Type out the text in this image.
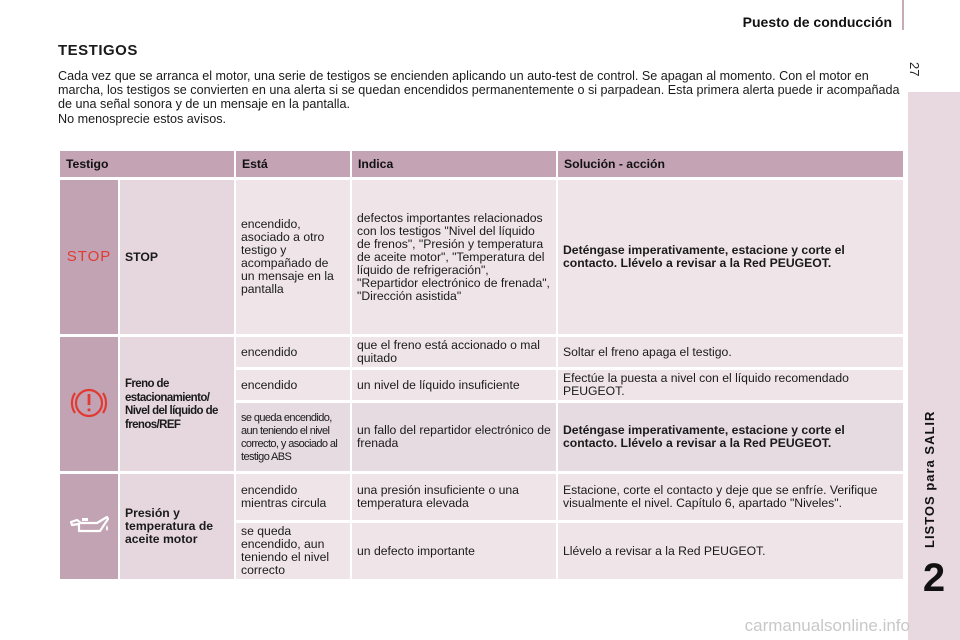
Puesto de conducción
27
LISTOS para SALIR
2
TESTIGOS

Cada vez que se arranca el motor, una serie de testigos se encienden aplicando un auto-test de control. Se apagan al momento. Con el motor en marcha, los testigos se convierten en una alerta si se quedan encendidos permanentemente o si parpadean. Esta primera alerta puede ir acompañada de una señal sonora y de un mensaje en la pantalla.

No menosprecie estos avisos.

Testigo		Está	Indica	Solución - acción
STOP	STOP	encendido, asociado a otro testigo y acompañado de un mensaje en la pantalla	defectos importantes relacionados con los testigos "Nivel del líquido de frenos", "Presión y temperatura de aceite motor", "Temperatura del líquido de refrigeración", "Repartidor electrónico de frenada", "Dirección asistida"	Deténgase imperativamente, estacione y corte el contacto. Llévelo a revisar a la Red PEUGEOT.
	Freno de estacionamiento/ Nivel del líquido de frenos/REF	encendido	que el freno está accionado o mal quitado	Soltar el freno apaga el testigo.
		encendido	un nivel de líquido insuficiente	Efectúe la puesta a nivel con el líquido recomendado PEUGEOT.
		se queda encendido, aun teniendo el nivel correcto, y asociado al testigo ABS	un fallo del repartidor electrónico de frenada	Deténgase imperativamente, estacione y corte el contacto. Llévelo a revisar a la Red PEUGEOT.
	Presión y temperatura de aceite motor	encendido mientras circula	una presión insuficiente o una temperatura elevada	Estacione, corte el contacto y deje que se enfríe. Verifique visualmente el nivel. Capítulo 6, apartado "Niveles".
		se queda encendido, aun teniendo el nivel correcto	un defecto importante	Llévelo a revisar a la Red PEUGEOT.
carmanualsonline.info
